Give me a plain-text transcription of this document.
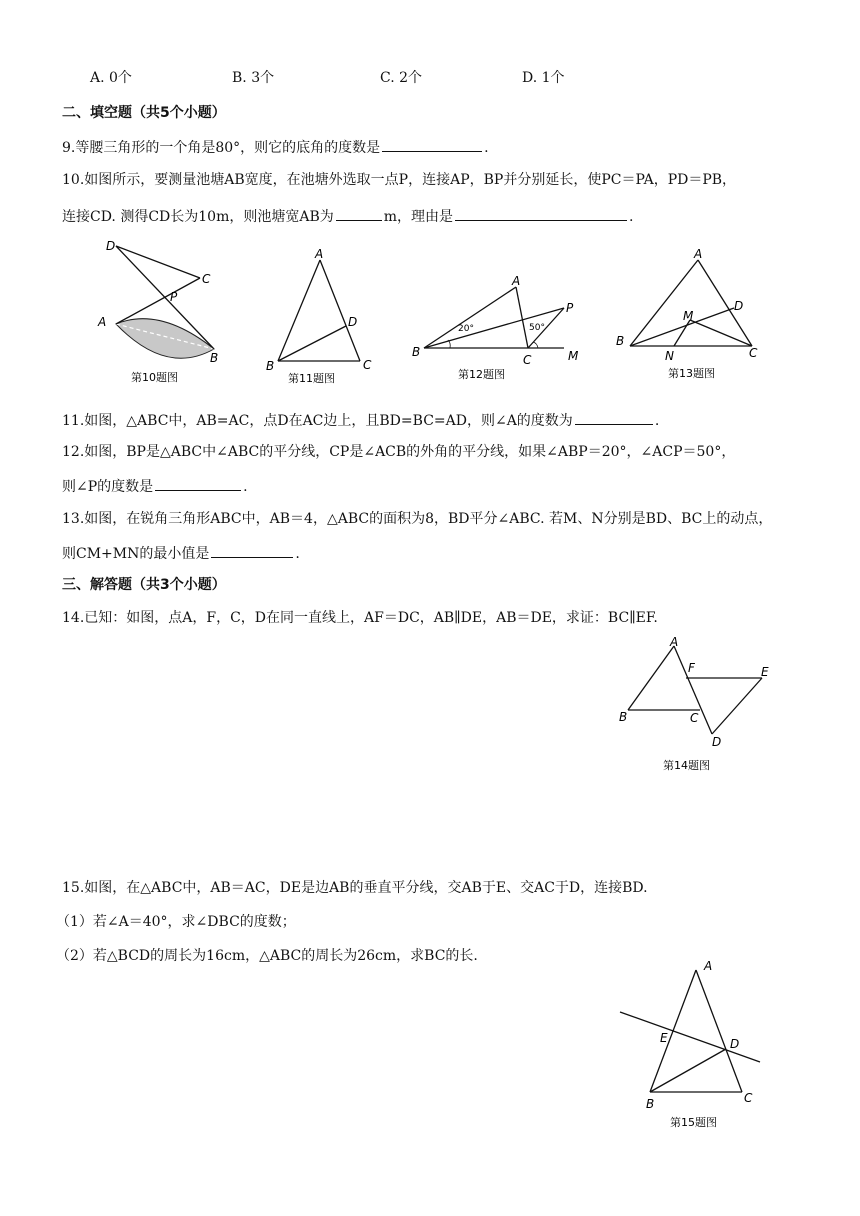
A. 0个	B. 3个	C. 2个	D. 1个
二、填空题（共5个小题）
9.等腰三角形的一个角是80°，则它的底角的度数是	.
10.如图所示，要测量池塘AB宽度，在池塘外选取一点P，连接AP，BP并分别延长，使PC＝PA，PD＝PB，
连接CD. 测得CD长为10m，则池塘宽AB为	m，理由是	.
D
C
P
A
B
第10题图
A
D
B	C
第11题图
20°	50°
A
P
B
C	M
第12题图
A
D
M
B
N	C
第13题图
11.如图，△ABC中，AB=AC，点D在AC边上，且BD=BC=AD，则∠A的度数为	.
12.如图，BP是△ABC中∠ABC的平分线，CP是∠ACB的外角的平分线，如果∠ABP＝20°，∠ACP＝50°，
则∠P的度数是	.
13.如图，在锐角三角形ABC中，AB＝4，△ABC的面积为8，BD平分∠ABC. 若M、N分别是BD、BC上的动点，
则CM+MN的最小值是	.
三、解答题（共3个小题）
14.已知：如图，点A，F，C，D在同一直线上，AF＝DC，AB∥DE，AB＝DE，求证：BC∥EF.
A
F	E
B	C
D
第14题图
15.如图，在△ABC中，AB＝AC，DE是边AB的垂直平分线，交AB于E、交AC于D，连接BD.
（1）若∠A＝40°，求∠DBC的度数；
（2）若△BCD的周长为16cm，△ABC的周长为26cm，求BC的长.
A
E	D
B	C
第15题图
